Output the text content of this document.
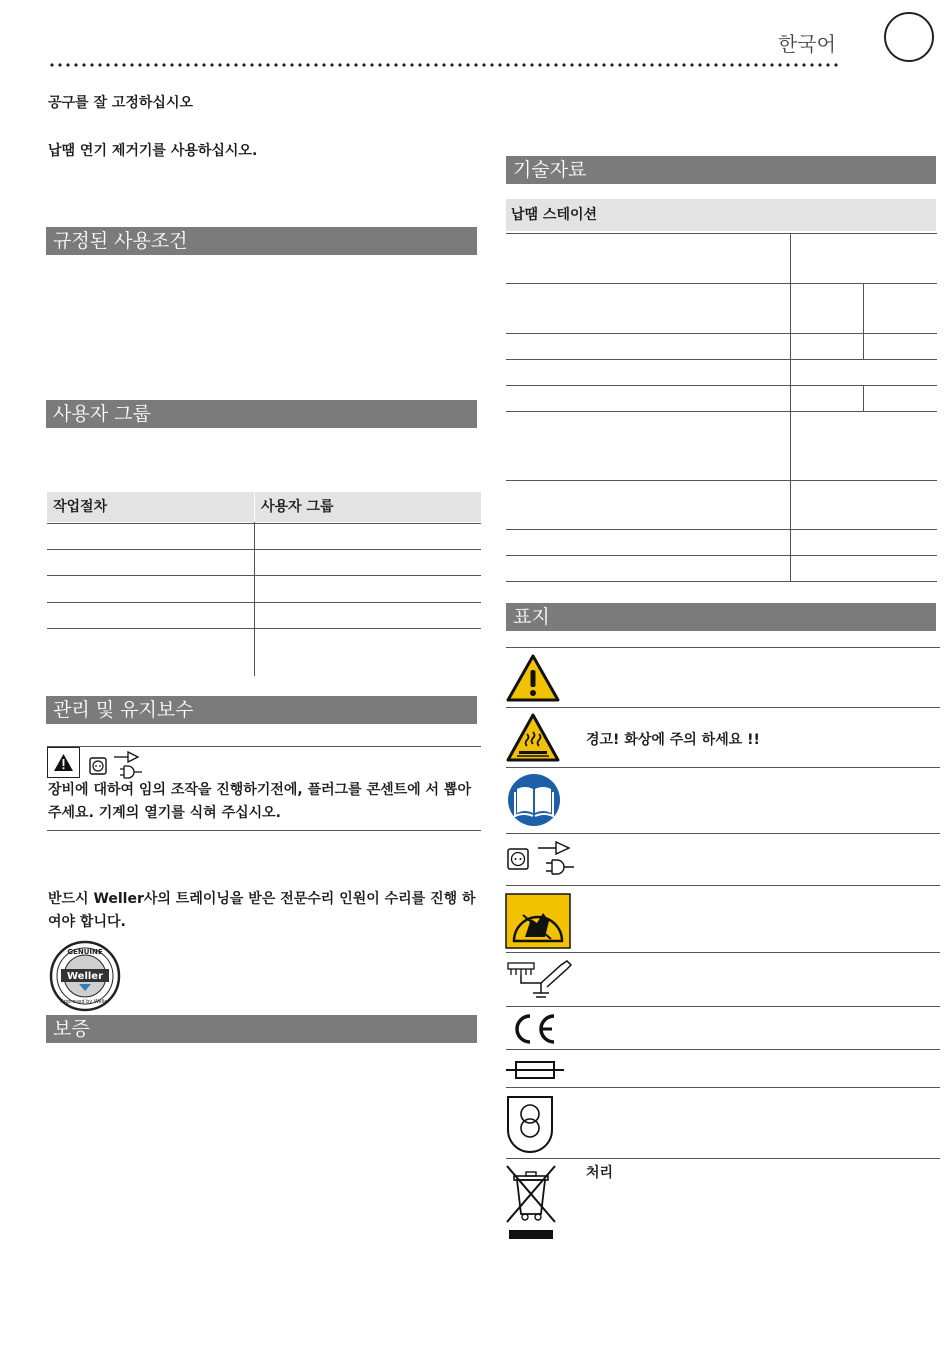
한국어
공구를 잘 고정하십시오
납땜 연기 제거기를 사용하십시오.
규정된 사용조건
사용자 그룹
작업절차	사용자 그룹
관리 및 유지보수
장비에 대하여 임의 조작을 진행하기전에, 플러그를 콘센트에 서 뽑아주세요. 기계의 열기를 식혀 주십시오.
반드시 Weller사의 트레이닝을 받은 전문수리 인원이 수리를 진행 하여야 합니다.
Weller
GENUINE
Approved by Weller
보증
기술자료
납땜 스테이션
표지
경고! 화상에 주의 하세요 !!
처리
